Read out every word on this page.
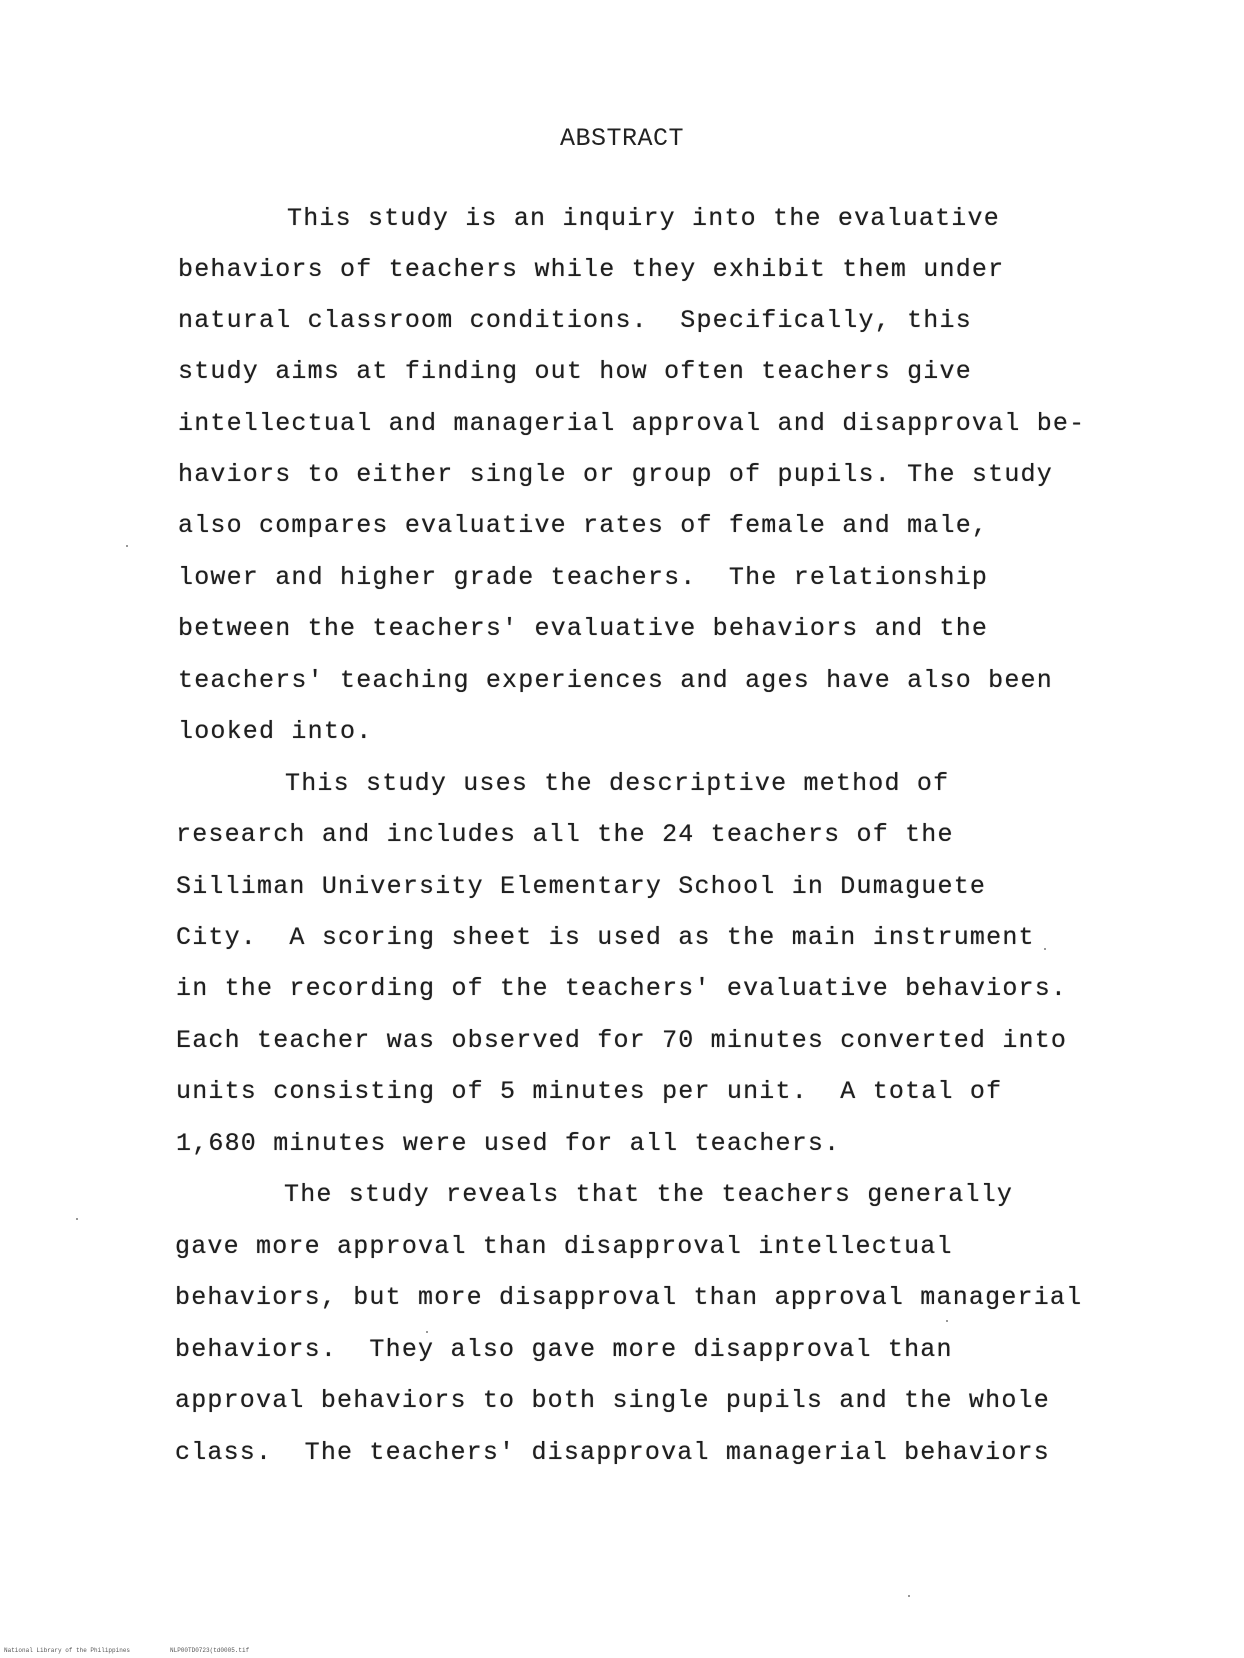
ABSTRACT
This study is an inquiry into the evaluative
behaviors of teachers while they exhibit them under
natural classroom conditions.  Specifically, this
study aims at finding out how often teachers give
intellectual and managerial approval and disapproval be-
haviors to either single or group of pupils. The study
also compares evaluative rates of female and male,
lower and higher grade teachers.  The relationship
between the teachers' evaluative behaviors and the
teachers' teaching experiences and ages have also been
looked into.
This study uses the descriptive method of
research and includes all the 24 teachers of the
Silliman University Elementary School in Dumaguete
City.  A scoring sheet is used as the main instrument
in the recording of the teachers' evaluative behaviors.
Each teacher was observed for 70 minutes converted into
units consisting of 5 minutes per unit.  A total of
1,680 minutes were used for all teachers.
The study reveals that the teachers generally
gave more approval than disapproval intellectual
behaviors, but more disapproval than approval managerial
behaviors.  They also gave more disapproval than
approval behaviors to both single pupils and the whole
class.  The teachers' disapproval managerial behaviors
National Library of the Philippines	NLP00TD0723(td0005.tif
